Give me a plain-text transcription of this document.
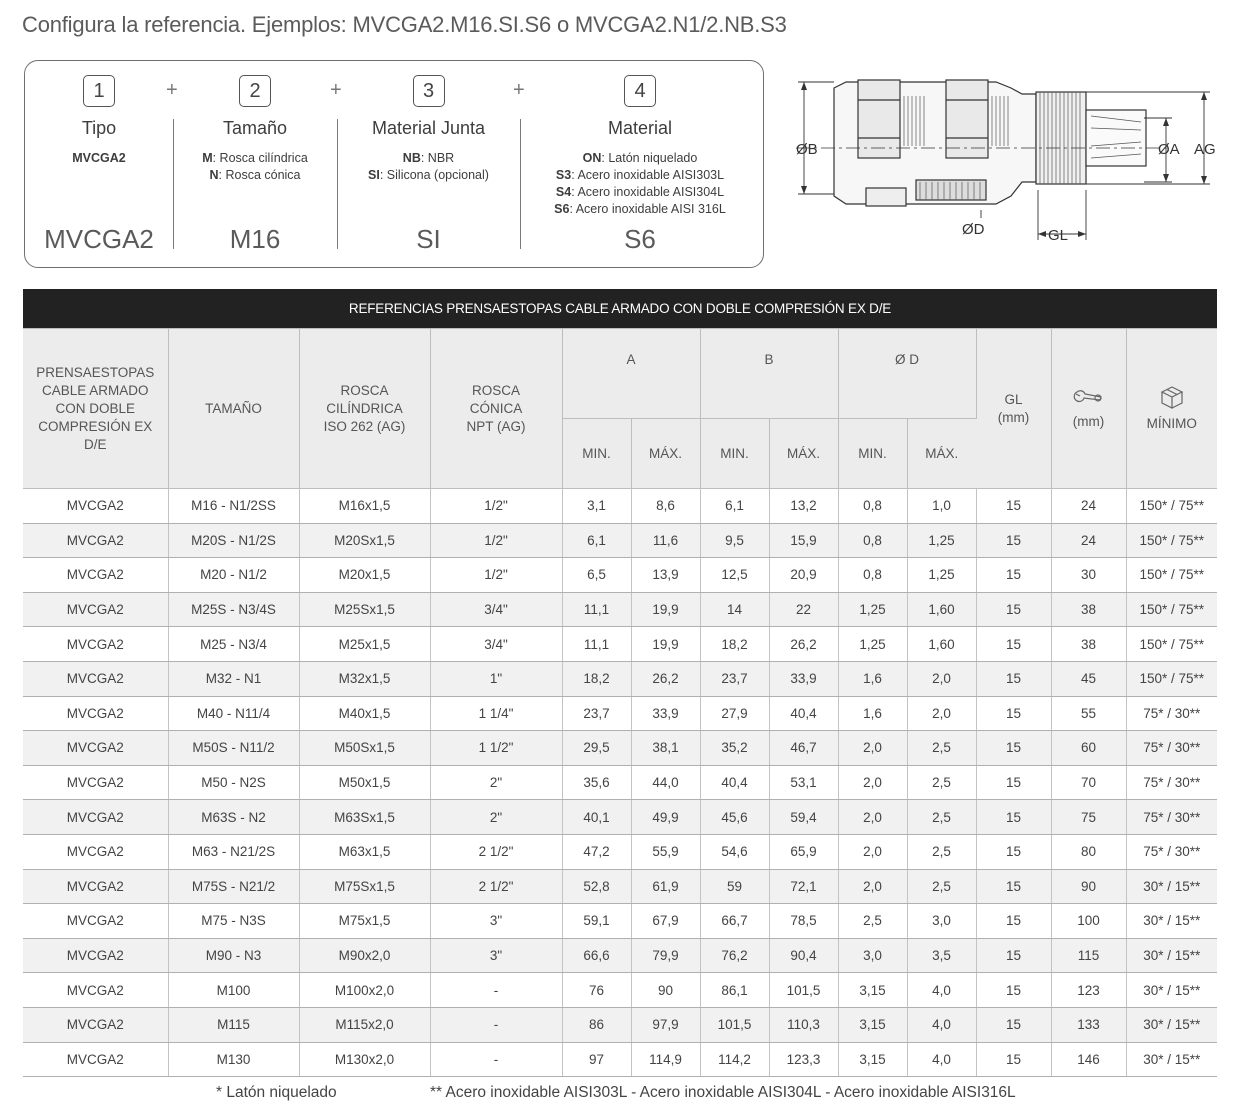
Configura la referencia. Ejemplos: MVCGA2.M16.SI.S6 o MVCGA2.N1/2.NB.S3
1
Tipo
MVCGA2
MVCGA2
+	2
Tamaño
M: Rosca cilíndrica
N: Rosca cónica
M16
+	3
Material Junta
NB: NBR
SI: Silicona (opcional)
SI
+	4
Material
ON: Latón niquelado
S3: Acero inoxidable AISI303L
S4: Acero inoxidable AISI304L
S6: Acero inoxidable AISI 316L
S6
ØB	ØA AG
ØD	GL
REFERENCIAS PRENSAESTOPAS CABLE ARMADO CON DOBLE COMPRESIÓN EX D/E												
PRENSAESTOPAS CABLE ARMADO CON DOBLE COMPRESIÓN EX D/E	TAMAÑO	ROSCA CILÍNDRICA ISO 262 (AG)	ROSCA CÓNICA NPT (AG)	A		B		Ø D		GL
(mm)	(mm)	MÍNIMO
				MIN.	MÁX.	MIN.	MÁX.	MIN.	MÁX.			
MVCGA2	M16 - N1/2SS	M16x1,5	1/2"	3,1	8,6	6,1	13,2	0,8	1,0	15	24	150* / 75**
MVCGA2	M20S - N1/2S	M20Sx1,5	1/2"	6,1	11,6	9,5	15,9	0,8	1,25	15	24	150* / 75**
MVCGA2	M20 - N1/2	M20x1,5	1/2"	6,5	13,9	12,5	20,9	0,8	1,25	15	30	150* / 75**
MVCGA2	M25S - N3/4S	M25Sx1,5	3/4"	11,1	19,9	14	22	1,25	1,60	15	38	150* / 75**
MVCGA2	M25 - N3/4	M25x1,5	3/4"	11,1	19,9	18,2	26,2	1,25	1,60	15	38	150* / 75**
MVCGA2	M32 - N1	M32x1,5	1"	18,2	26,2	23,7	33,9	1,6	2,0	15	45	150* / 75**
MVCGA2	M40 - N11/4	M40x1,5	1 1/4"	23,7	33,9	27,9	40,4	1,6	2,0	15	55	75* / 30**
MVCGA2	M50S - N11/2	M50Sx1,5	1 1/2"	29,5	38,1	35,2	46,7	2,0	2,5	15	60	75* / 30**
MVCGA2	M50 - N2S	M50x1,5	2"	35,6	44,0	40,4	53,1	2,0	2,5	15	70	75* / 30**
MVCGA2	M63S - N2	M63Sx1,5	2"	40,1	49,9	45,6	59,4	2,0	2,5	15	75	75* / 30**
MVCGA2	M63 - N21/2S	M63x1,5	2 1/2"	47,2	55,9	54,6	65,9	2,0	2,5	15	80	75* / 30**
MVCGA2	M75S - N21/2	M75Sx1,5	2 1/2"	52,8	61,9	59	72,1	2,0	2,5	15	90	30* / 15**
MVCGA2	M75 - N3S	M75x1,5	3"	59,1	67,9	66,7	78,5	2,5	3,0	15	100	30* / 15**
MVCGA2	M90 - N3	M90x2,0	3"	66,6	79,9	76,2	90,4	3,0	3,5	15	115	30* / 15**
MVCGA2	M100	M100x2,0	-	76	90	86,1	101,5	3,15	4,0	15	123	30* / 15**
MVCGA2	M115	M115x2,0	-	86	97,9	101,5	110,3	3,15	4,0	15	133	30* / 15**
MVCGA2	M130	M130x2,0	-	97	114,9	114,2	123,3	3,15	4,0	15	146	30* / 15**
* Latón niquelado	** Acero inoxidable AISI303L - Acero inoxidable AISI304L - Acero inoxidable AISI316L
